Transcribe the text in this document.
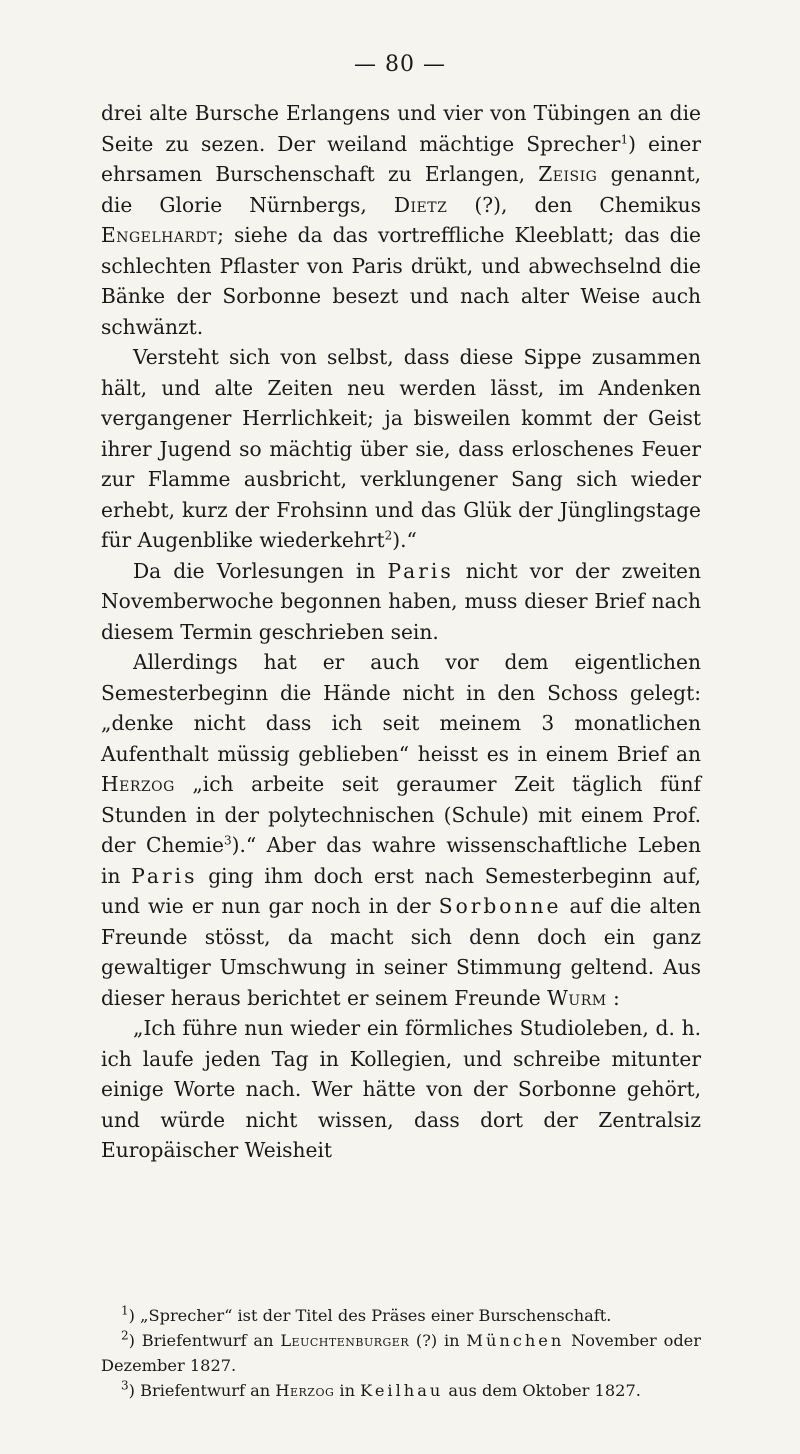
— 80 —

drei alte Bursche Erlangens und vier von Tübingen an die Seite zu sezen. Der weiland mächtige Sprecher$^1$) einer ehrsamen Burschenschaft zu Erlangen, Zeisig genannt, die Glorie Nürnbergs, Dietz (?), den Chemikus Engelhardt; siehe da das vortreffliche Kleeblatt; das die schlechten Pflaster von Paris drükt, und abwechselnd die Bänke der Sorbonne besezt und nach alter Weise auch schwänzt.

Versteht sich von selbst, dass diese Sippe zusammen hält, und alte Zeiten neu werden lässt, im Andenken vergangener Herrlichkeit; ja bisweilen kommt der Geist ihrer Jugend so mächtig über sie, dass erloschenes Feuer zur Flamme ausbricht, verklungener Sang sich wieder erhebt, kurz der Frohsinn und das Glük der Jünglingstage für Augenblike wiederkehrt$^2$).“

Da die Vorlesungen in Paris nicht vor der zweiten Novemberwoche begonnen haben, muss dieser Brief nach diesem Termin geschrieben sein.

Allerdings hat er auch vor dem eigentlichen Semesterbeginn die Hände nicht in den Schoss gelegt: „denke nicht dass ich seit meinem 3 monatlichen Aufenthalt müssig geblieben“ heisst es in einem Brief an Herzog „ich arbeite seit geraumer Zeit täglich fünf Stunden in der polytechnischen (Schule) mit einem Prof. der Chemie$^3$).“ Aber das wahre wissenschaftliche Leben in Paris ging ihm doch erst nach Semesterbeginn auf, und wie er nun gar noch in der Sorbonne auf die alten Freunde stösst, da macht sich denn doch ein ganz gewaltiger Umschwung in seiner Stimmung geltend. Aus dieser heraus berichtet er seinem Freunde Wurm :

„Ich führe nun wieder ein förmliches Studioleben, d. h. ich laufe jeden Tag in Kollegien, und schreibe mitunter einige Worte nach. Wer hätte von der Sorbonne gehört, und würde nicht wissen, dass dort der Zentralsiz Europäischer Weisheit

$^1$) „Sprecher“ ist der Titel des Präses einer Burschenschaft.

$^2$) Briefentwurf an Leuchtenburger (?) in München November oder Dezember 1827.

$^3$) Briefentwurf an Herzog in Keilhau aus dem Oktober 1827.
